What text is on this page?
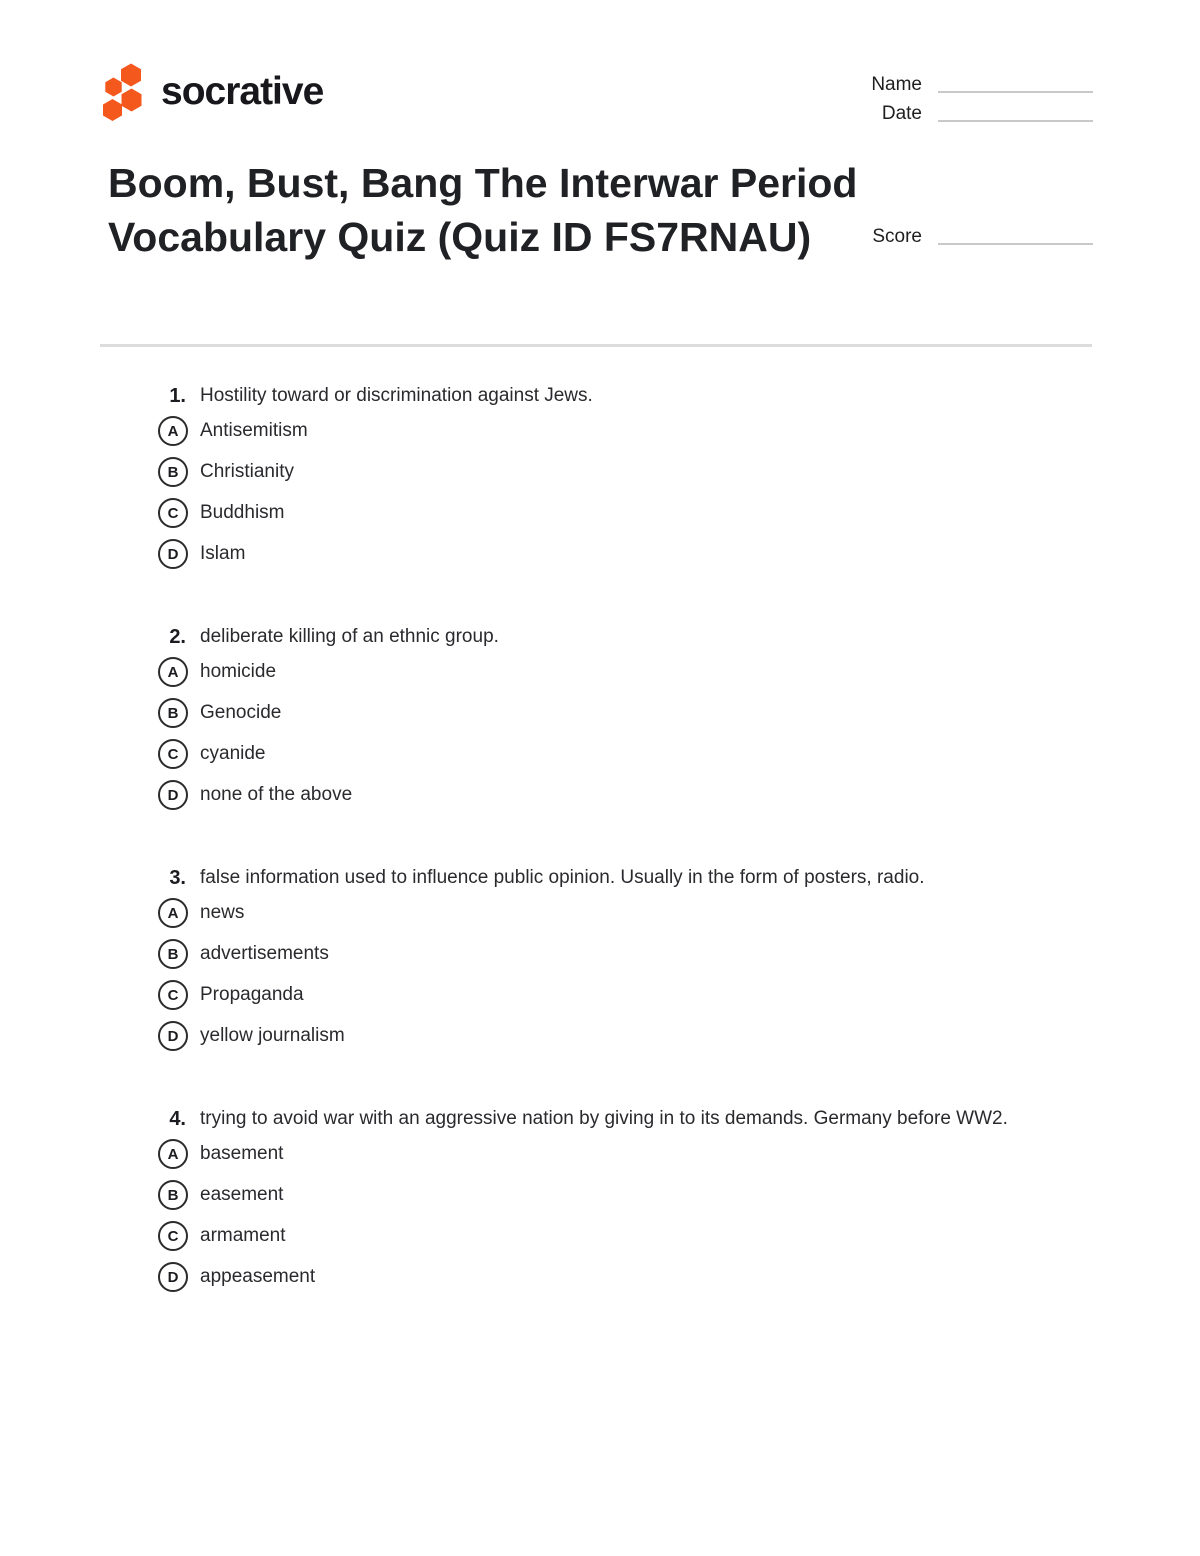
socrative	Name
Date
Boom, Bust, Bang The Interwar Period Vocabulary Quiz (Quiz ID FS7RNAU)	Score
1. Hostility toward or discrimination against Jews.

A	Antisemitism
B	Christianity
C	Buddhism
D	Islam
2. deliberate killing of an ethnic group.

A	homicide
B	Genocide
C	cyanide
D	none of the above
3. false information used to influence public opinion. Usually in the form of posters, radio.

A	news
B	advertisements
C	Propaganda
D	yellow journalism
4. trying to avoid war with an aggressive nation by giving in to its demands. Germany before WW2.

A	basement
B	easement
C	armament
D	appeasement
